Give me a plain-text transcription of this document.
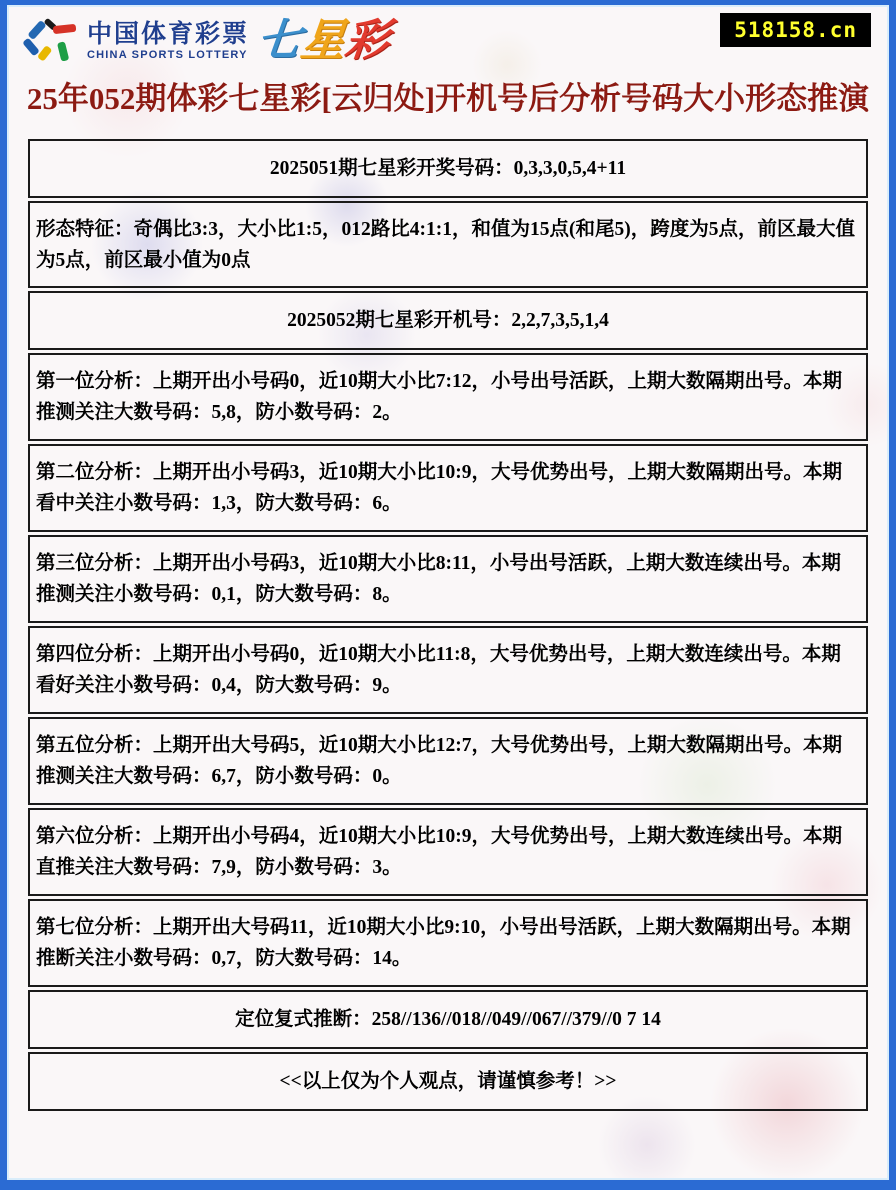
中国体育彩票
CHINA SPORTS LOTTERY 七星彩	518158.cn
25年052期体彩七星彩[云归处]开机号后分析号码大小形态推演
2025051期七星彩开奖号码：0,3,3,0,5,4+11
形态特征：奇偶比3:3，大小比1:5，012路比4:1:1，和值为15点(和尾5)，跨度为5点，前区最大值为5点，前区最小值为0点
2025052期七星彩开机号：2,2,7,3,5,1,4
第一位分析：上期开出小号码0，近10期大小比7:12，小号出号活跃，上期大数隔期出号。本期推测关注大数号码：5,8，防小数号码：2。
第二位分析：上期开出小号码3，近10期大小比10:9，大号优势出号，上期大数隔期出号。本期看中关注小数号码：1,3，防大数号码：6。
第三位分析：上期开出小号码3，近10期大小比8:11，小号出号活跃，上期大数连续出号。本期推测关注小数号码：0,1，防大数号码：8。
第四位分析：上期开出小号码0，近10期大小比11:8，大号优势出号，上期大数连续出号。本期看好关注小数号码：0,4，防大数号码：9。
第五位分析：上期开出大号码5，近10期大小比12:7，大号优势出号，上期大数隔期出号。本期推测关注大数号码：6,7，防小数号码：0。
第六位分析：上期开出小号码4，近10期大小比10:9，大号优势出号，上期大数连续出号。本期直推关注大数号码：7,9，防小数号码：3。
第七位分析：上期开出大号码11，近10期大小比9:10，小号出号活跃，上期大数隔期出号。本期推断关注小数号码：0,7，防大数号码：14。
定位复式推断：258//136//018//049//067//379//0 7 14
<<以上仅为个人观点，请谨慎参考！>>
